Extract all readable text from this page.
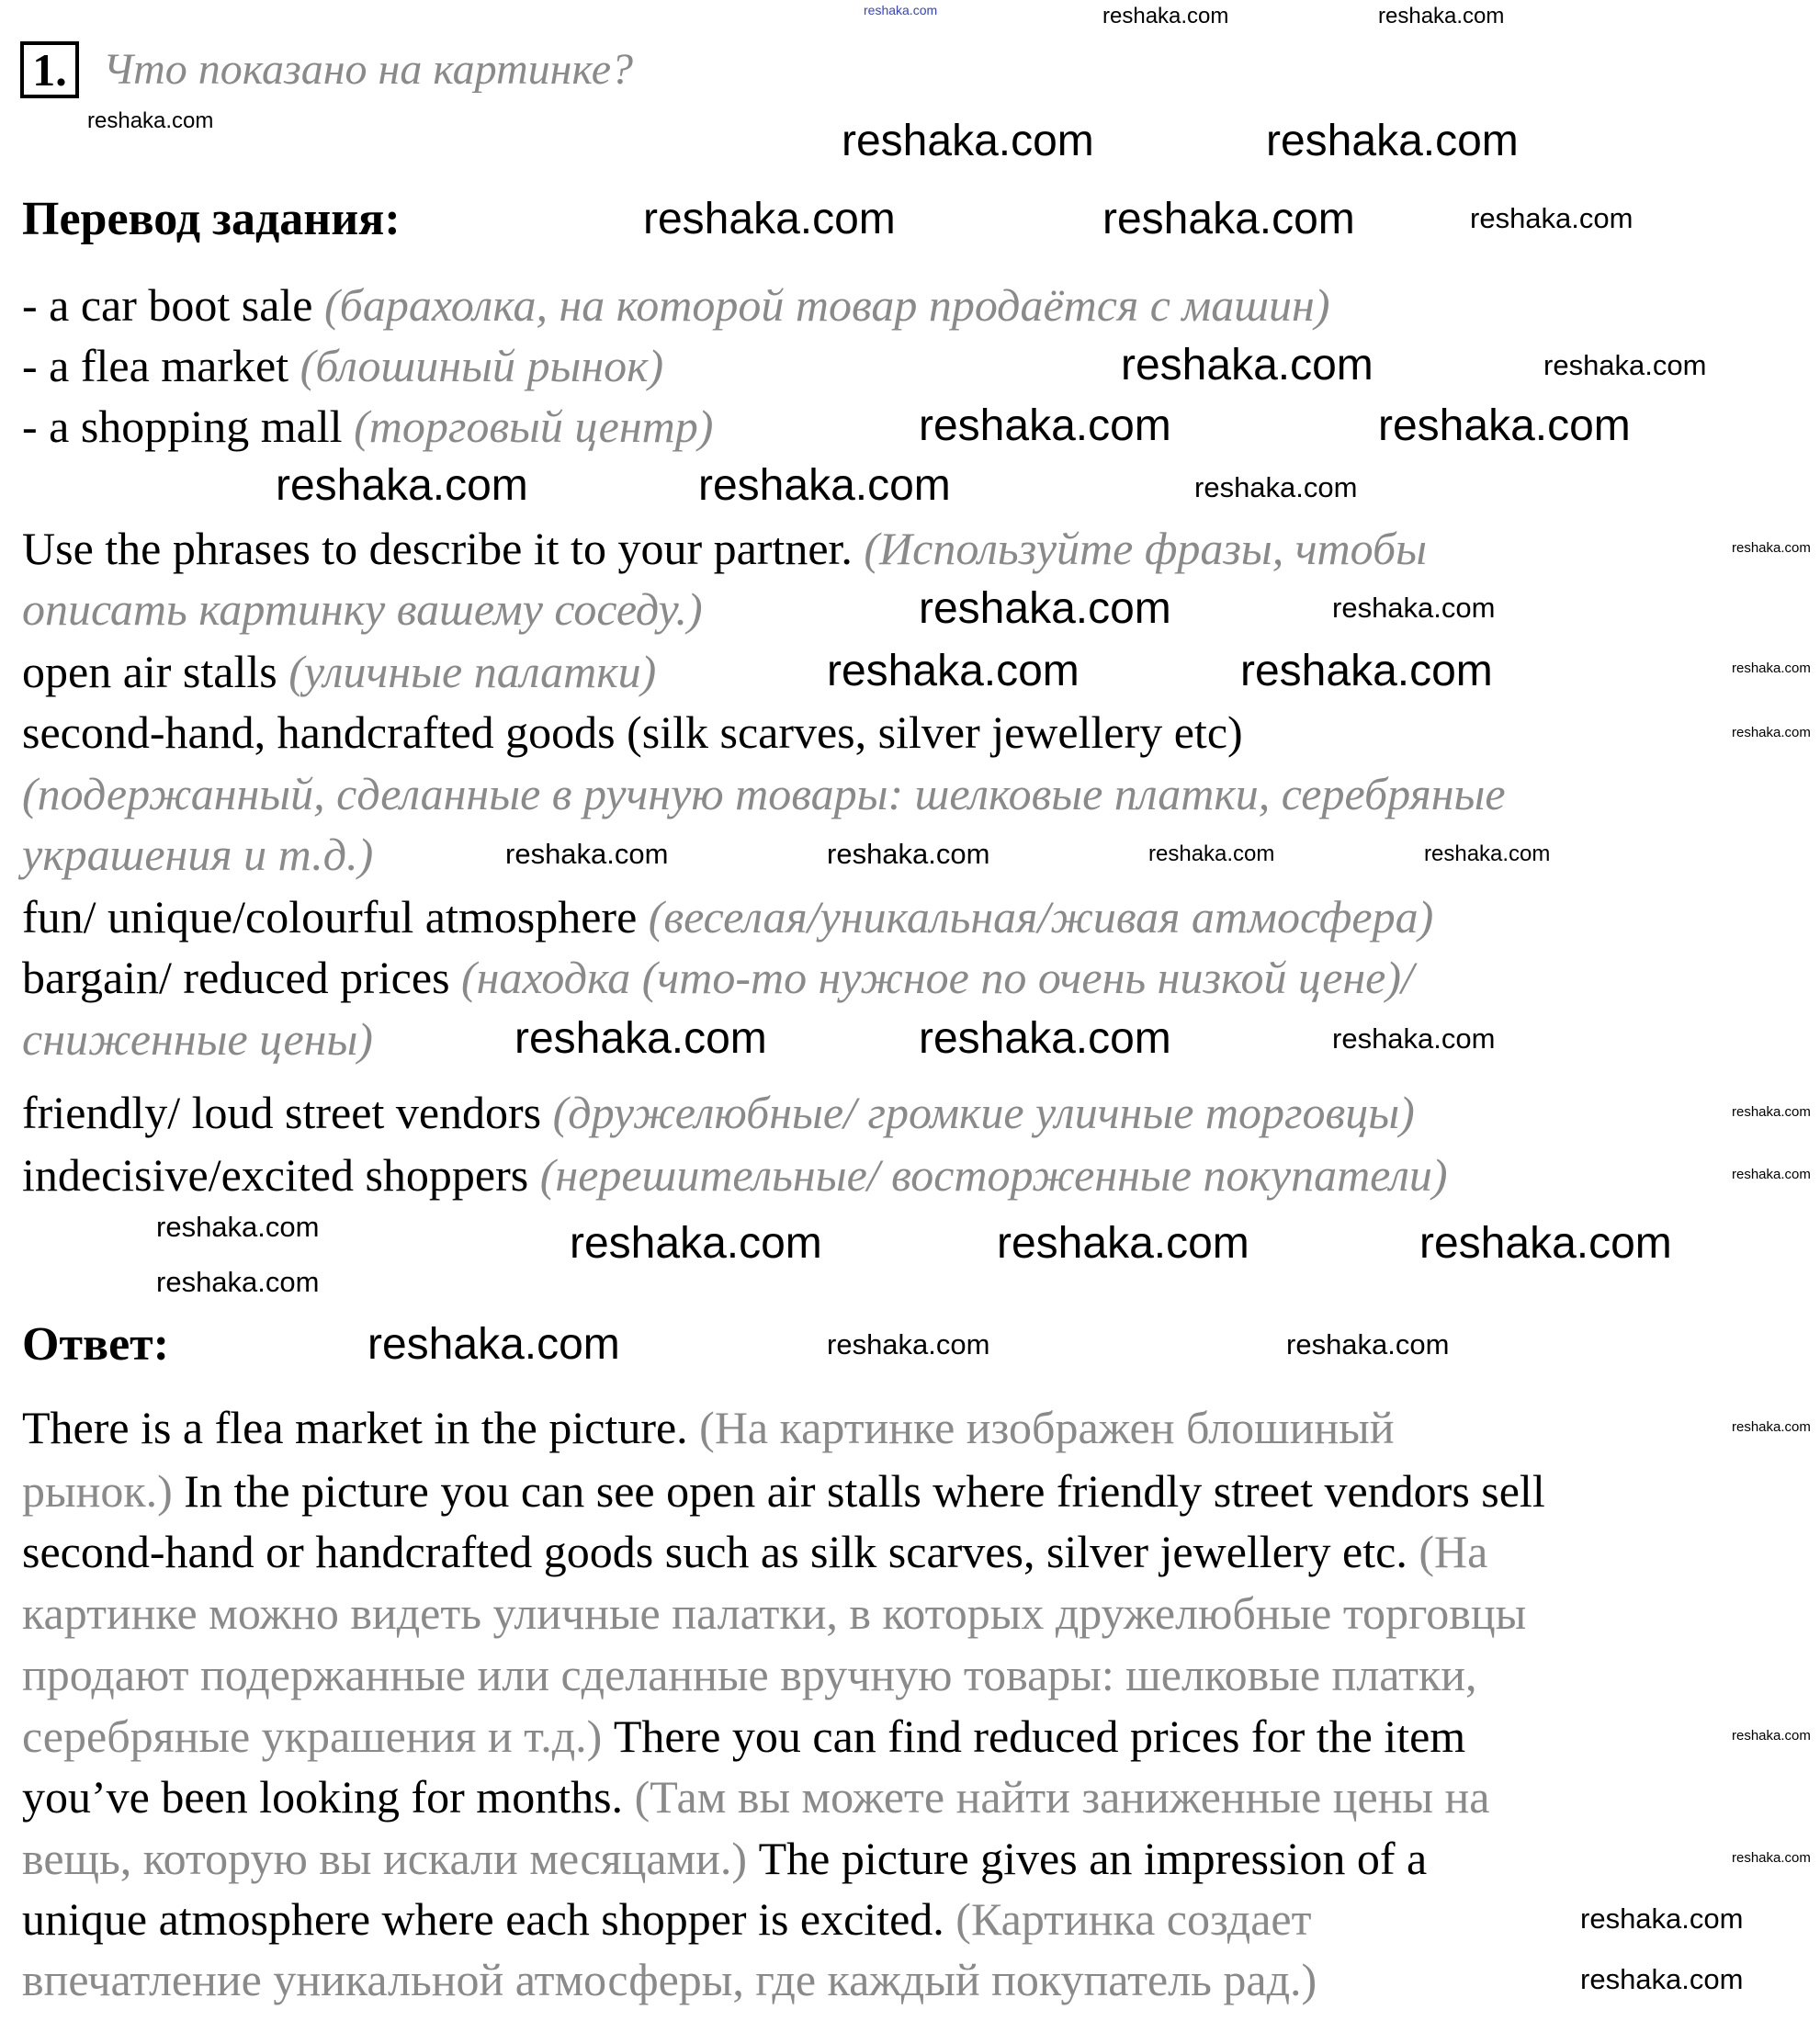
1. Что показано на картинке?
Перевод задания:
- a car boot sale (барахолка, на которой товар продаётся с машин)
- a flea market (блошиный рынок)
- a shopping mall (торговый центр)
Use the phrases to describe it to your partner. (Используйте фразы, чтобы
описать картинку вашему соседу.)
open air stalls (уличные палатки)
second-hand, handcrafted goods (silk scarves, silver jewellery etc)
(подержанный, сделанные в ручную товары: шелковые платки, серебряные
украшения и т.д.)
fun/ unique/colourful atmosphere (веселая/уникальная/живая атмосфера)
bargain/ reduced prices (находка (что-то нужное по очень низкой цене)/
сниженные цены)
friendly/ loud street vendors (дружелюбные/ громкие уличные торговцы)
indecisive/excited shoppers (нерешительные/ восторженные покупатели)
Ответ:
There is a flea market in the picture. (На картинке изображен блошиный
рынок.) In the picture you can see open air stalls where friendly street vendors sell
second-hand or handcrafted goods such as silk scarves, silver jewellery etc. (На
картинке можно видеть уличные палатки, в которых дружелюбные торговцы
продают подержанные или сделанные вручную товары: шелковые платки,
серебряные украшения и т.д.) There you can find reduced prices for the item
you’ve been looking for months. (Там вы можете найти заниженные цены на
вещь, которую вы искали месяцами.) The picture gives an impression of a
unique atmosphere where each shopper is excited. (Картинка создает
впечатление уникальной атмосферы, где каждый покупатель рад.)
reshaka.com	reshaka.com
reshaka.com	reshaka.com	reshaka.com
reshaka.com	reshaka.com	reshaka.com
reshaka.com	reshaka.com
reshaka.com	reshaka.com
reshaka.com	reshaka.com	reshaka.com
reshaka.com
reshaka.com	reshaka.com
reshaka.com	reshaka.com	reshaka.com
reshaka.com
reshaka.com	reshaka.com	reshaka.com	reshaka.com
reshaka.com	reshaka.com	reshaka.com
reshaka.com
reshaka.com
reshaka.com
reshaka.com
reshaka.com	reshaka.com	reshaka.com
reshaka.com	reshaka.com	reshaka.com
reshaka.com
reshaka.com
reshaka.com
reshaka.com
reshaka.com
reshaka.com
